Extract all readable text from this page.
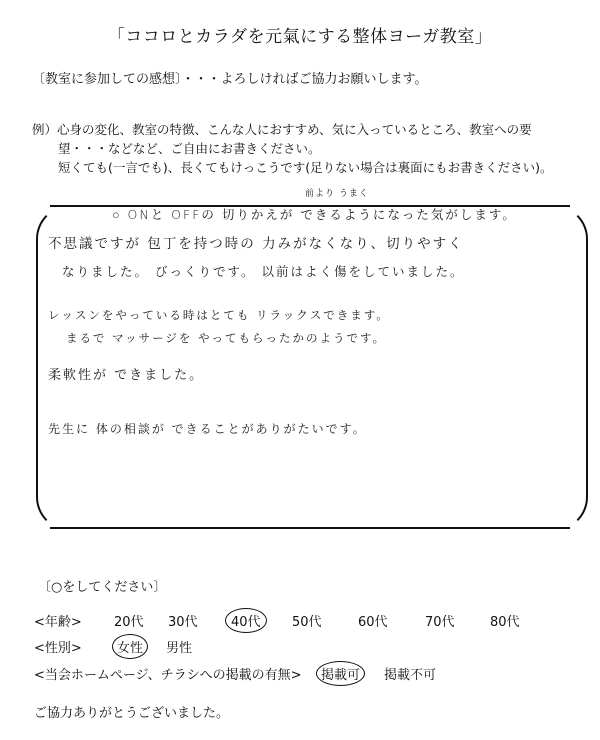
「ココロとカラダを元氣にする整体ヨーガ教室」
〔教室に参加しての感想〕・・・よろしければご協力お願いします。
例）心身の変化、教室の特徴、こんな人におすすめ、気に入っているところ、教室への要
望・・・などなど、ご自由にお書きください。
短くても(一言でも)、長くてもけっこうです(足りない場合は裏面にもお書きください)。
前より うまく
○ ONと OFFの 切りかえが できるようになった気がします。
不思議ですが 包丁を持つ時の 力みがなくなり、切りやすく
なりました。 びっくりです。 以前はよく傷をしていました。
レッスンをやっている時はとても リラックスできます。
まるで マッサージを やってもらったかのようです。
柔軟性が できました。
先生に 体の相談が できることがありがたいです。
〔○をしてください〕
<年齢> 20代 30代	40代	50代	60代	70代	80代
<性別>	女性	男性
<当会ホームページ、チラシへの掲載の有無>	掲載可	掲載不可
ご協力ありがとうございました。
